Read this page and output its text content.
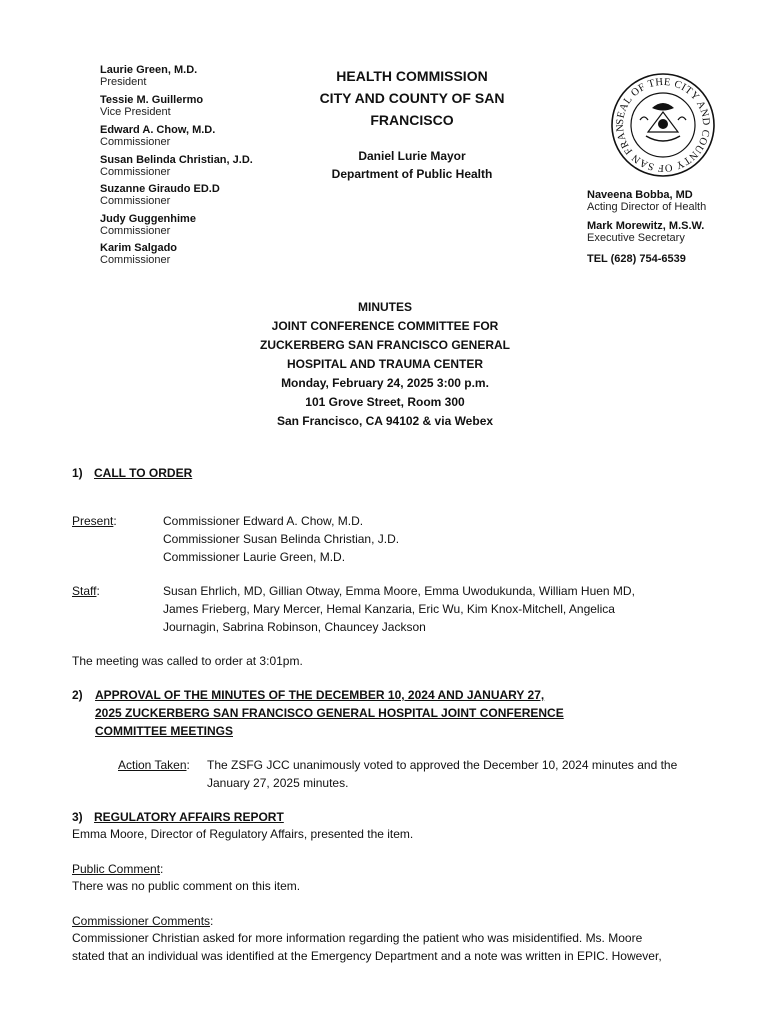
Laurie Green, M.D.
President
Tessie M. Guillermo
Vice President
Edward A. Chow, M.D.
Commissioner
Susan Belinda Christian, J.D.
Commissioner
Suzanne Giraudo ED.D
Commissioner
Judy Guggenhime
Commissioner
Karim Salgado
Commissioner
HEALTH COMMISSION
CITY AND COUNTY OF SAN
FRANCISCO
Daniel Lurie Mayor
Department of Public Health
SEAL OF THE CITY AND COUNTY OF SAN FRAN
Naveena Bobba, MD
Acting Director of Health
Mark Morewitz, M.S.W.
Executive Secretary
TEL (628) 754-6539
MINUTES
JOINT CONFERENCE COMMITTEE FOR
ZUCKERBERG SAN FRANCISCO GENERAL
HOSPITAL AND TRAUMA CENTER
Monday, February 24, 2025 3:00 p.m.
101 Grove Street, Room 300
San Francisco, CA 94102 & via Webex
1) CALL TO ORDER
Present:	Commissioner Edward A. Chow, M.D.
Commissioner Susan Belinda Christian, J.D.
Commissioner Laurie Green, M.D.
Staff:	Susan Ehrlich, MD, Gillian Otway, Emma Moore, Emma Uwodukunda, William Huen MD,
James Frieberg, Mary Mercer, Hemal Kanzaria, Eric Wu, Kim Knox-Mitchell, Angelica
Journagin, Sabrina Robinson, Chauncey Jackson
The meeting was called to order at 3:01pm.
2) APPROVAL OF THE MINUTES OF THE DECEMBER 10, 2024 AND JANUARY 27,
2025 ZUCKERBERG SAN FRANCISCO GENERAL HOSPITAL JOINT CONFERENCE
COMMITTEE MEETINGS
Action Taken: The ZSFG JCC unanimously voted to approved the December 10, 2024 minutes and the
January 27, 2025 minutes.
3) REGULATORY AFFAIRS REPORT
Emma Moore, Director of Regulatory Affairs, presented the item.
Public Comment:
There was no public comment on this item.
Commissioner Comments:
Commissioner Christian asked for more information regarding the patient who was misidentified. Ms. Moore
stated that an individual was identified at the Emergency Department and a note was written in EPIC. However,
